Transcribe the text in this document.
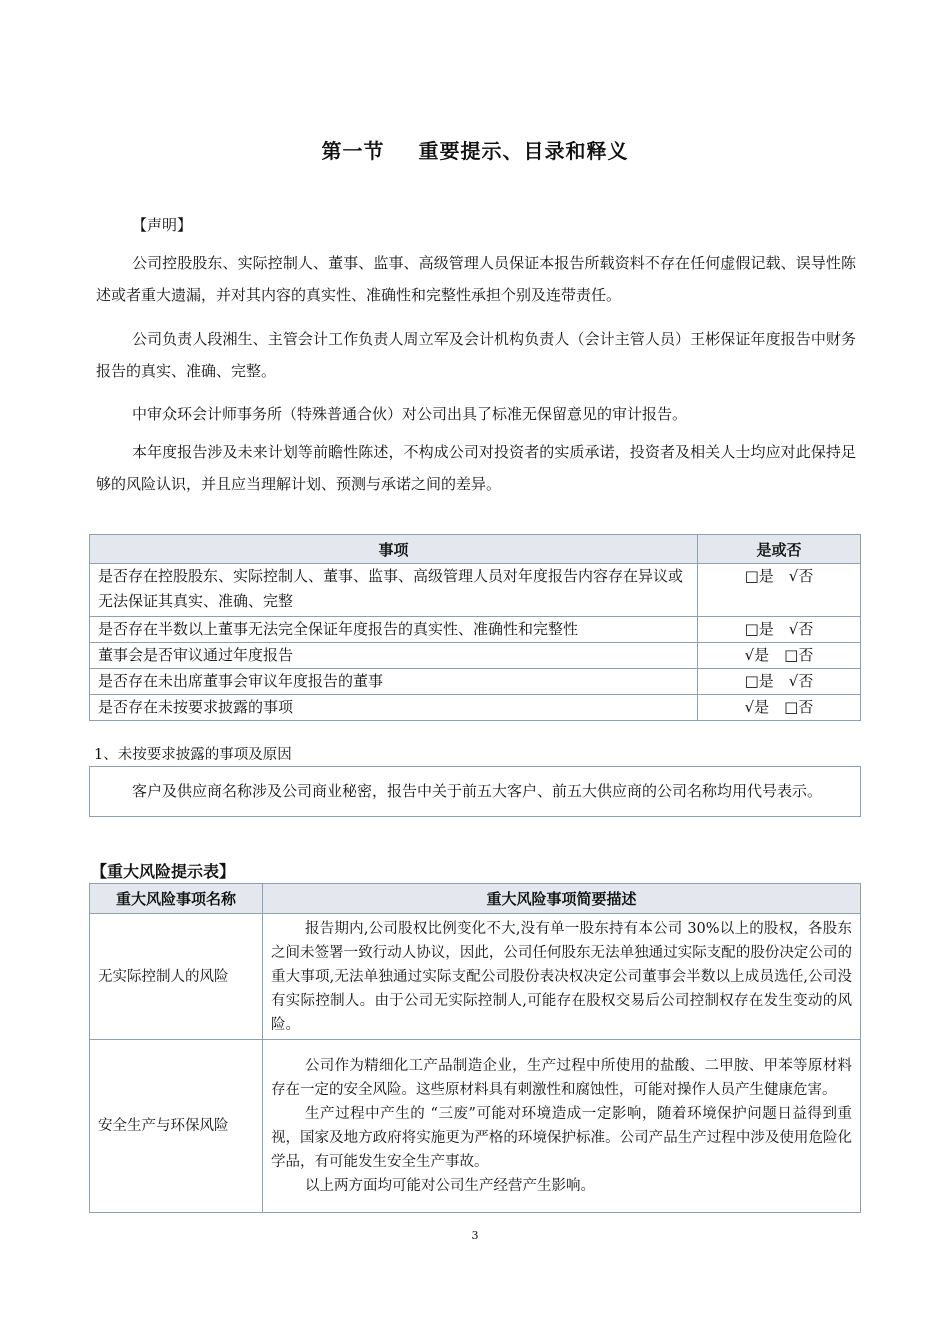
第一节 重要提示、目录和释义
【声明】
公司控股股东、实际控制人、董事、监事、高级管理人员保证本报告所载资料不存在任何虚假记载、误导性陈述或者重大遗漏，并对其内容的真实性、准确性和完整性承担个别及连带责任。
公司负责人段湘生、主管会计工作负责人周立军及会计机构负责人（会计主管人员）王彬保证年度报告中财务报告的真实、准确、完整。
中审众环会计师事务所（特殊普通合伙）对公司出具了标准无保留意见的审计报告。
本年度报告涉及未来计划等前瞻性陈述，不构成公司对投资者的实质承诺，投资者及相关人士均应对此保持足够的风险认识，并且应当理解计划、预测与承诺之间的差异。
事项	是或否
是否存在控股股东、实际控制人、董事、监事、高级管理人员对年度报告内容存在异议或无法保证其真实、准确、完整	□是　√否
是否存在半数以上董事无法完全保证年度报告的真实性、准确性和完整性	□是　√否
董事会是否审议通过年度报告	√是　□否
是否存在未出席董事会审议年度报告的董事	□是　√否
是否存在未按要求披露的事项	√是　□否
1、未按要求披露的事项及原因
客户及供应商名称涉及公司商业秘密，报告中关于前五大客户、前五大供应商的公司名称均用代号表示。
【重大风险提示表】
重大风险事项名称	重大风险事项简要描述
无实际控制人的风险	报告期内,公司股权比例变化不大,没有单一股东持有本公司 30%以上的股权，各股东之间未签署一致行动人协议，因此，公司任何股东无法单独通过实际支配的股份决定公司的重大事项,无法单独通过实际支配公司股份表决权决定公司董事会半数以上成员选任,公司没有实际控制人。由于公司无实际控制人,可能存在股权交易后公司控制权存在发生变动的风险。

安全生产与环保风险	公司作为精细化工产品制造企业，生产过程中所使用的盐酸、二甲胺、甲苯等原材料存在一定的安全风险。这些原材料具有刺激性和腐蚀性，可能对操作人员产生健康危害。

生产过程中产生的 “三废”可能对环境造成一定影响，随着环境保护问题日益得到重视，国家及地方政府将实施更为严格的环境保护标准。公司产品生产过程中涉及使用危险化学品，有可能发生安全生产事故。

以上两方面均可能对公司生产经营产生影响。

3
